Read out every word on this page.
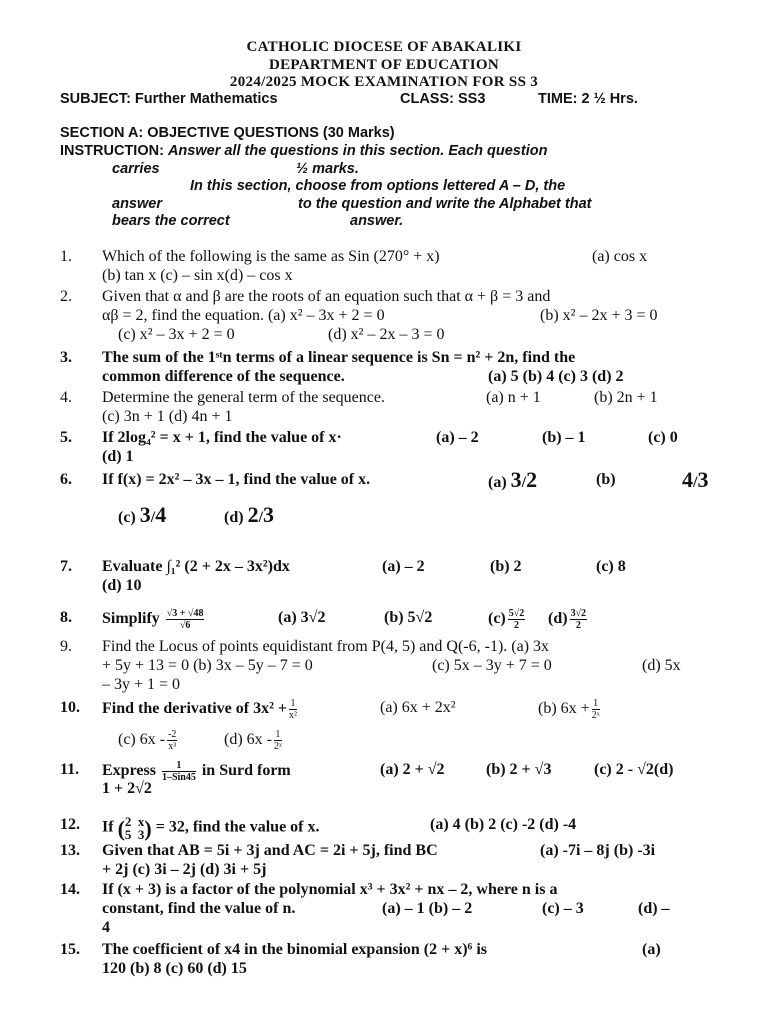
CATHOLIC DIOCESE OF ABAKALIKI
DEPARTMENT OF EDUCATION
2024/2025 MOCK EXAMINATION FOR SS 3
SUBJECT: Further Mathematics	CLASS: SS3	TIME: 2 ½ Hrs.
SECTION A: OBJECTIVE QUESTIONS (30 Marks)
INSTRUCTION: Answer all the questions in this section. Each question
carries	½ marks.
In this section, choose from options lettered A – D, the
answer	to the question and write the Alphabet that
bears the correct	answer.
1.	Which of the following is the same as Sin (270° + x)	(a) cos x
(b) tan x (c) – sin x(d) – cos x
2.	Given that α and β are the roots of an equation such that α + β = 3 and
αβ = 2, find the equation. (a) x² – 3x + 2 = 0	(b) x² – 2x + 3 = 0
(c) x² – 3x + 2 = 0	(d) x² – 2x – 3 = 0
3.	The sum of the 1ˢᵗn terms of a linear sequence is Sn = n² + 2n, find the
common difference of the sequence.	(a) 5 (b) 4 (c) 3 (d) 2
4.	Determine the general term of the sequence.	(a) n + 1	(b) 2n + 1
(c) 3n + 1 (d) 4n + 1
5.	If 2log₄² = x + 1, find the value of x·	(a) – 2	(b) – 1	(c) 0
(d) 1
6.	If f(x) = 2x² – 3x – 1, find the value of x.	(a) 3/2	(b)	4/3
(c) 3/4	(d) 2/3
7.	Evaluate ∫₁² (2 + 2x – 3x²)dx	(a) – 2	(b) 2	(c) 8
(d) 10
8.	Simplify $\frac{√3 + √48}{√6}$	(a) 3√2	(b) 5√2	$(c) \frac{5√2}{2} (d) \frac{3√2}{2}$
9.	Find the Locus of points equidistant from P(4, 5) and Q(-6, -1). (a) 3x
+ 5y + 13 = 0 (b) 3x – 5y – 7 = 0	(c) 5x – 3y + 7 = 0	(d) 5x
– 3y + 1 = 0
10.	Find the derivative of $3x^2 + \frac{1}{\text{x²}}$	(a) 6x + 2x²	(b) $6x + \frac{1}{\text{2ˣ}}$
(c) $6x - \frac{-2}{\text{x³}}$	(d) $6x - \frac{1}{\text{2ˣ}}$
11.	Express $\frac{1}{\text{1–Sin45}}$ in Surd form	(a) 2 + √2	(b) 2 + √3	(c) 2 - √2(d)
1 + 2√2
12.	If (2 x
5 3) = 32, find the value of x.	(a) 4 (b) 2 (c) -2 (d) -4
13.	Given that AB = 5i + 3j and AC = 2i + 5j, find BC	(a) -7i – 8j (b) -3i
+ 2j (c) 3i – 2j (d) 3i + 5j
14.	If (x + 3) is a factor of the polynomial x³ + 3x² + nx – 2, where n is a
constant, find the value of n.	(a) – 1 (b) – 2	(c) – 3	(d) –
4
15.	The coefficient of x4 in the binomial expansion (2 + x)⁶ is	(a)
120 (b) 8 (c) 60 (d) 15
